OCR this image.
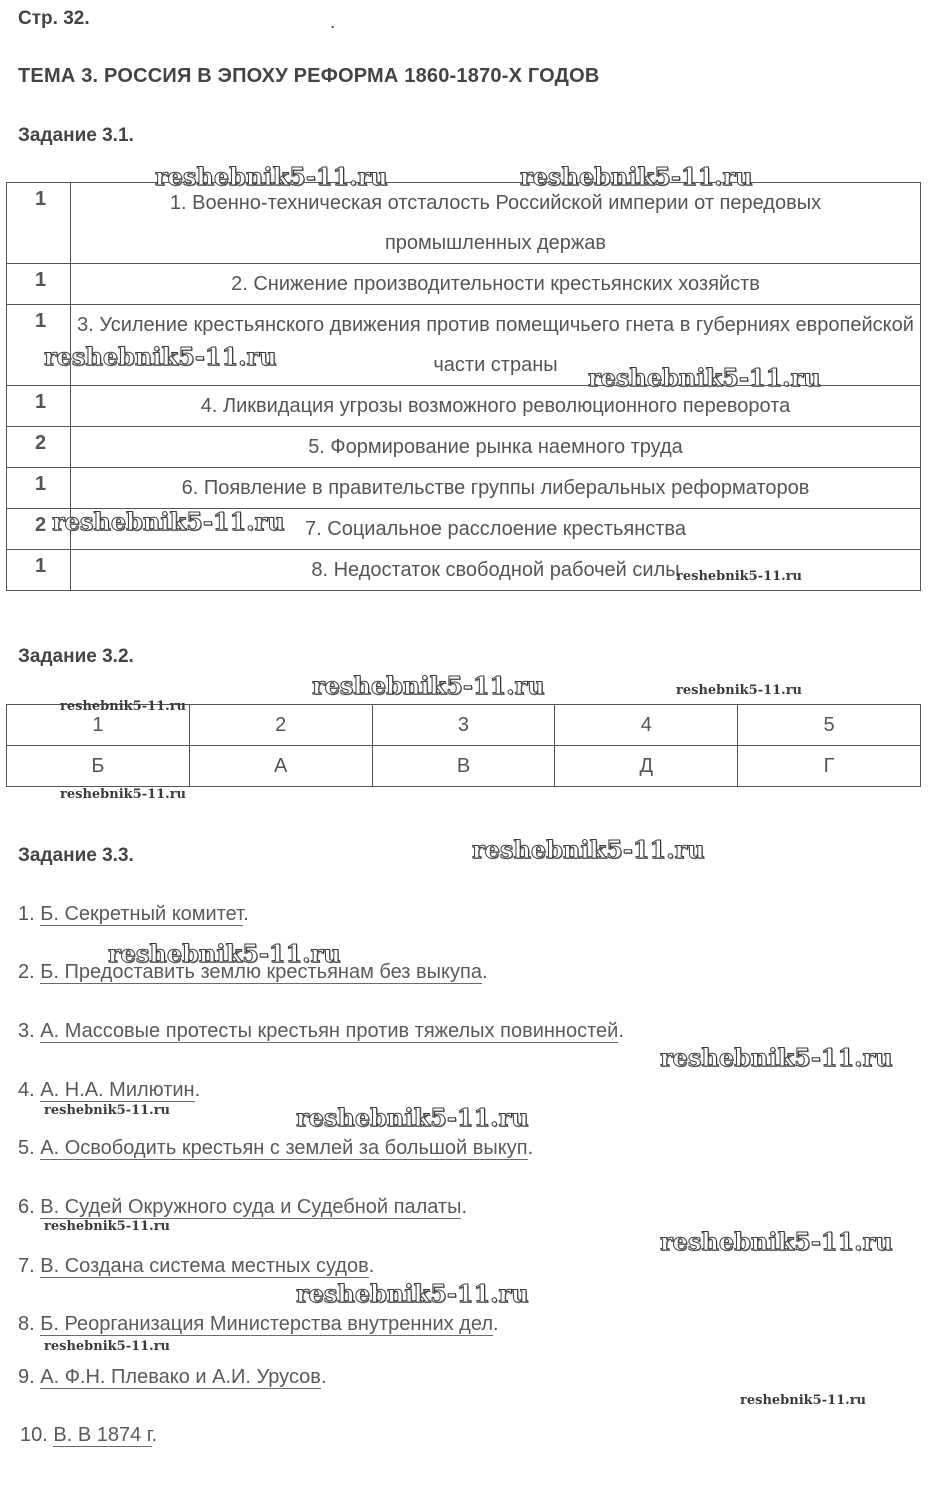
Стр. 32.	.
ТЕМА 3. РОССИЯ В ЭПОХУ РЕФОРМА 1860-1870-Х ГОДОВ
Задание 3.1.
1	1. Военно-техническая отсталость Российской империи от передовых промышленных держав
1	2. Снижение производительности крестьянских хозяйств
1	3. Усиление крестьянского движения против помещичьего гнета в губерниях европейской части страны
1	4. Ликвидация угрозы возможного революционного переворота
2	5. Формирование рынка наемного труда
1	6. Появление в правительстве группы либеральных реформаторов
2	7. Социальное расслоение крестьянства
1	8. Недостаток свободной рабочей силы
Задание 3.2.
1	2	3	4	5
Б	А	В	Д	Г
Задание 3.3.
1. Б. Секретный комитет.
2. Б. Предоставить землю крестьянам без выкупа.
3. А. Массовые протесты крестьян против тяжелых повинностей.
4. А. Н.А. Милютин.
5. А. Освободить крестьян с землей за большой выкуп.
6. В. Судей Окружного суда и Судебной палаты.
7. В. Создана система местных судов.
8. Б. Реорганизация Министерства внутренних дел.
9. А. Ф.Н. Плевако и А.И. Урусов.
10. В. В 1874 г.
reshebnik5-11.ru	reshebnik5-11.ru
reshebnik5-11.ru
reshebnik5-11.ru
reshebnik5-11.ru
reshebnik5-11.ru
reshebnik5-11.ru	reshebnik5-11.ru
reshebnik5-11.ru
reshebnik5-11.ru
reshebnik5-11.ru
reshebnik5-11.ru
reshebnik5-11.ru
reshebnik5-11.ru	reshebnik5-11.ru
reshebnik5-11.ru
reshebnik5-11.ru
reshebnik5-11.ru
reshebnik5-11.ru
reshebnik5-11.ru
